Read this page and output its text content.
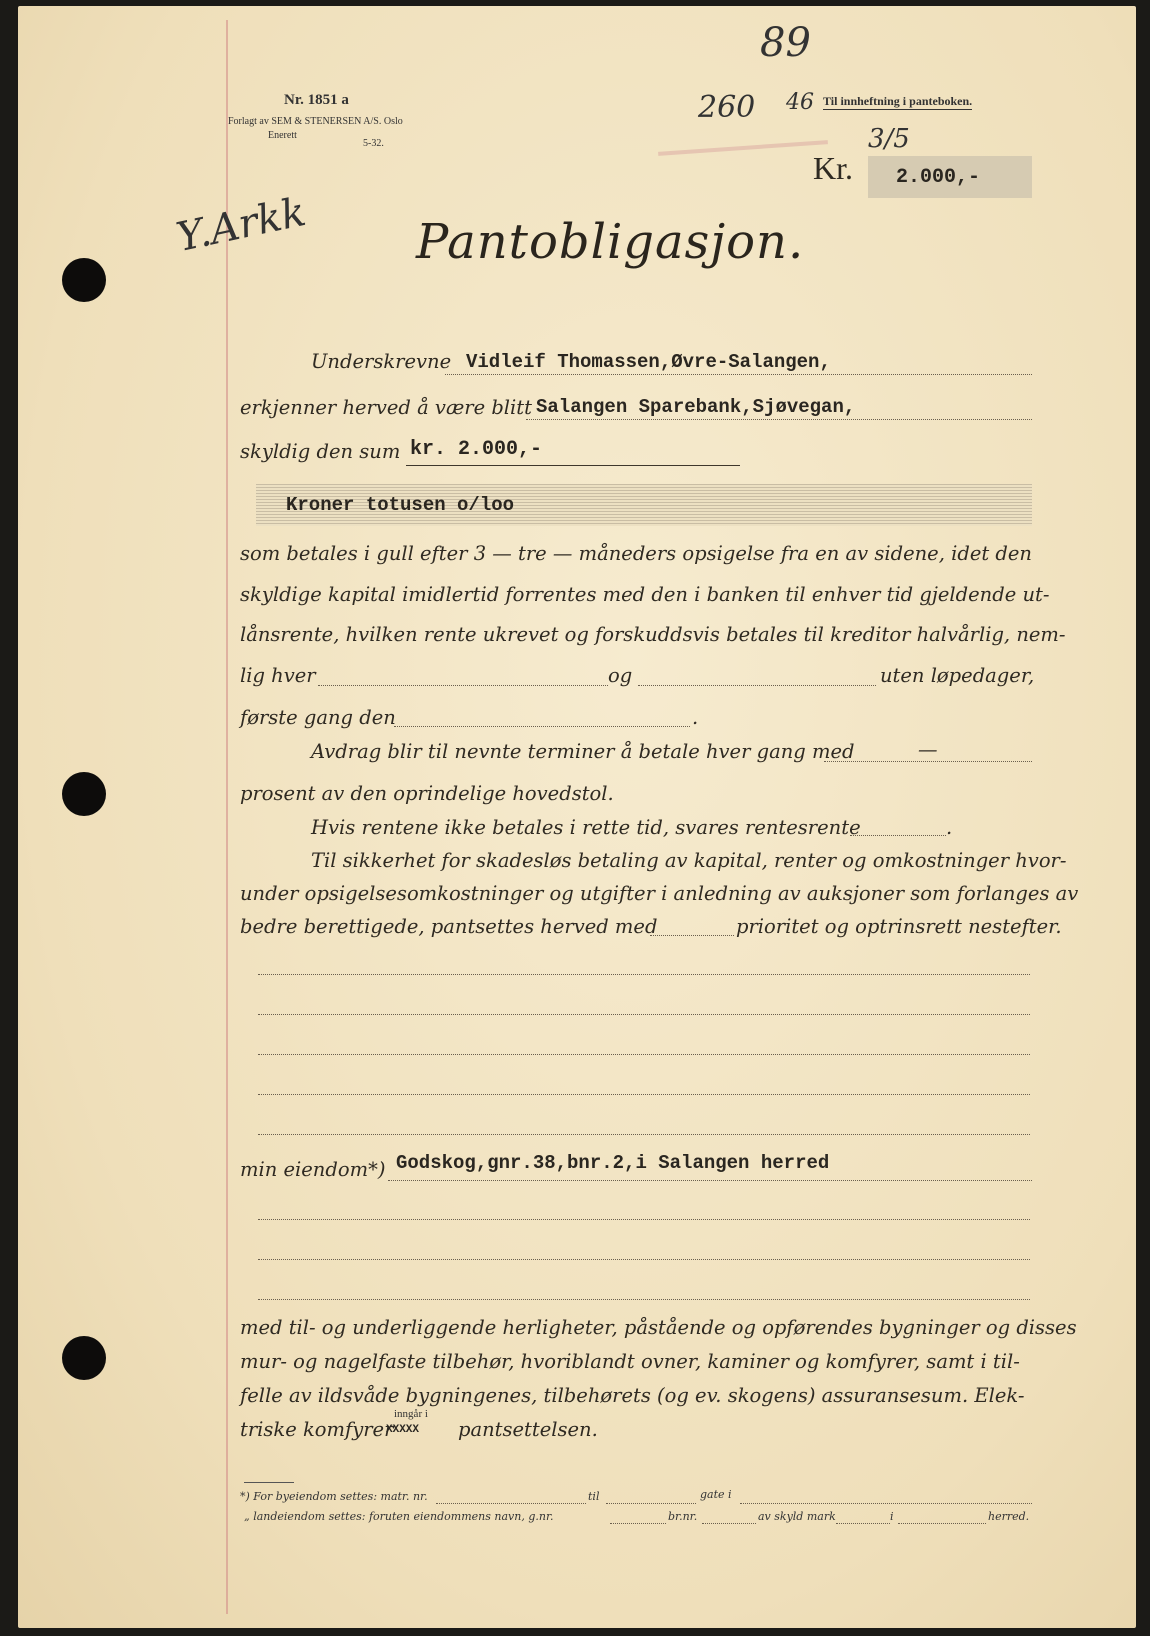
89
Nr. 1851 a
Forlagt av SEM & STENERSEN A/S. Oslo
Enerett
5-32.
260 46 Til innheftning i panteboken.
3/5
Kr. 2.000,-
Y.Arkk Pantobligasjon.
Underskrevne Vidleif Thomassen,Øvre-Salangen,
erkjenner herved å være blitt Salangen Sparebank,Sjøvegan,
skyldig den sum kr. 2.000,-
Kroner totusen o/loo
som betales i gull efter 3 — tre — måneders opsigelse fra en av sidene, idet den
skyldige kapital imidlertid forrentes med den i banken til enhver tid gjeldende ut-
lånsrente, hvilken rente ukrevet og forskuddsvis betales til kreditor halvårlig, nem-
lig hver	og	uten løpedager,
første gang den	.
Avdrag blir til nevnte terminer å betale hver gang med	—
prosent av den oprindelige hovedstol.
Hvis rentene ikke betales i rette tid, svares rentesrente	.
Til sikkerhet for skadesløs betaling av kapital, renter og omkostninger hvor-
under opsigelsesomkostninger og utgifter i anledning av auksjoner som forlanges av
bedre berettigede, pantsettes herved med	prioritet og optrinsrett nestefter.
min eiendom*) Godskog,gnr.38,bnr.2,i Salangen herred
med til- og underliggende herligheter, påstående og opførendes bygninger og disses
mur- og nagelfaste tilbehør, hvoriblandt ovner, kaminer og komfyrer, samt i til-
felle av ildsvåde bygningenes, tilbehørets (og ev. skogens) assuransesum. Elek-
triske komfyrer
inngår i
XXXXX pantsettelsen.
*) For byeiendom settes: matr. nr.	til	gate i
„ landeiendom settes: foruten eiendommens navn, g.nr.	br.nr.	av skyld mark	i	herred.
